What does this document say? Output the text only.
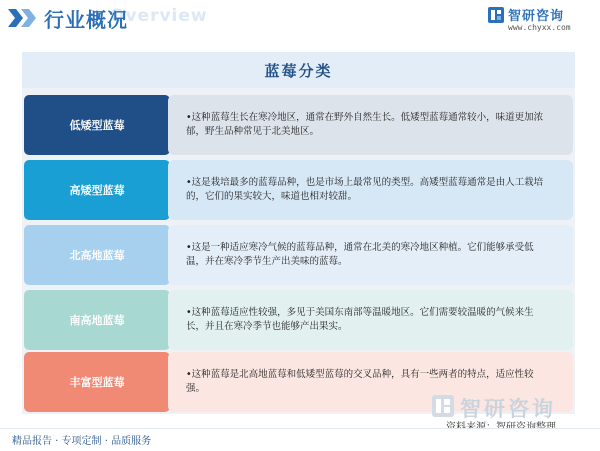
Overview
行业概况	智研咨询
www.chyxx.com
蓝莓分类
低矮型蓝莓
•这种蓝莓生长在寒冷地区，通常在野外自然生长。低矮型蓝莓通常较小，味道更加浓郁，野生品种常见于北美地区。
高矮型蓝莓
•这是栽培最多的蓝莓品种，也是市场上最常见的类型。高矮型蓝莓通常是由人工栽培的，它们的果实较大，味道也相对较甜。
北高地蓝莓
•这是一种适应寒冷气候的蓝莓品种，通常在北美的寒冷地区种植。它们能够承受低温，并在寒冷季节生产出美味的蓝莓。
南高地蓝莓
•这种蓝莓适应性较强，多见于美国东南部等温暖地区。它们需要较温暖的气候来生长，并且在寒冷季节也能够产出果实。
丰富型蓝莓
•这种蓝莓是北高地蓝莓和低矮型蓝莓的交叉品种，具有一些两者的特点，适应性较强。
智研咨询
精品报告 · 专项定制 · 品质服务
